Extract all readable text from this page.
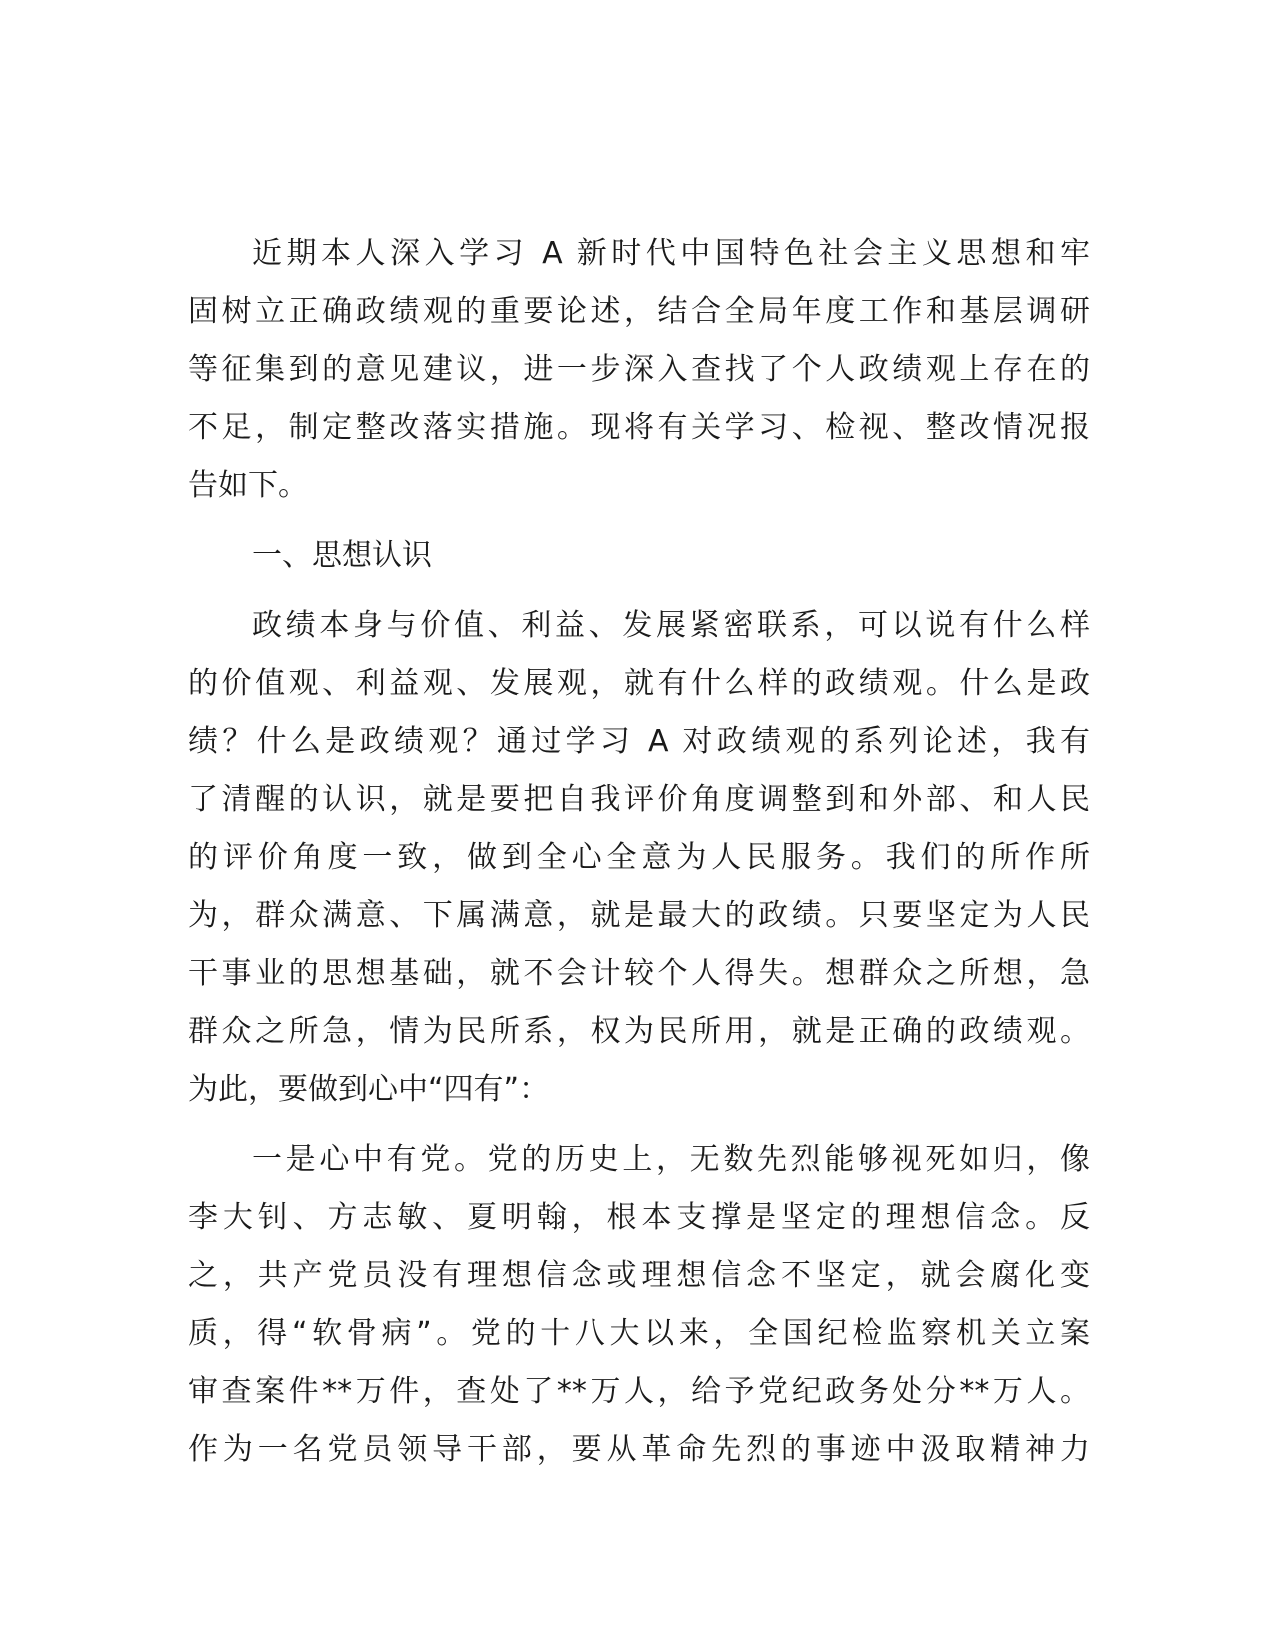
近期本人深入学习 A 新时代中国特色社会主义思想和牢
固树立正确政绩观的重要论述，结合全局年度工作和基层调研
等征集到的意见建议，进一步深入查找了个人政绩观上存在的
不足，制定整改落实措施。现将有关学习、检视、整改情况报
告如下。
一、思想认识
政绩本身与价值、利益、发展紧密联系，可以说有什么样
的价值观、利益观、发展观，就有什么样的政绩观。什么是政
绩？什么是政绩观？通过学习 A 对政绩观的系列论述，我有
了清醒的认识，就是要把自我评价角度调整到和外部、和人民
的评价角度一致，做到全心全意为人民服务。我们的所作所
为，群众满意、下属满意，就是最大的政绩。只要坚定为人民
干事业的思想基础，就不会计较个人得失。想群众之所想，急
群众之所急，情为民所系，权为民所用，就是正确的政绩观。
为此，要做到心中“四有”：
一是心中有党。党的历史上，无数先烈能够视死如归，像
李大钊、方志敏、夏明翰，根本支撑是坚定的理想信念。反
之，共产党员没有理想信念或理想信念不坚定，就会腐化变
质，得“软骨病”。党的十八大以来，全国纪检监察机关立案
审查案件**万件，查处了**万人，给予党纪政务处分**万人。
作为一名党员领导干部，要从革命先烈的事迹中汲取精神力
